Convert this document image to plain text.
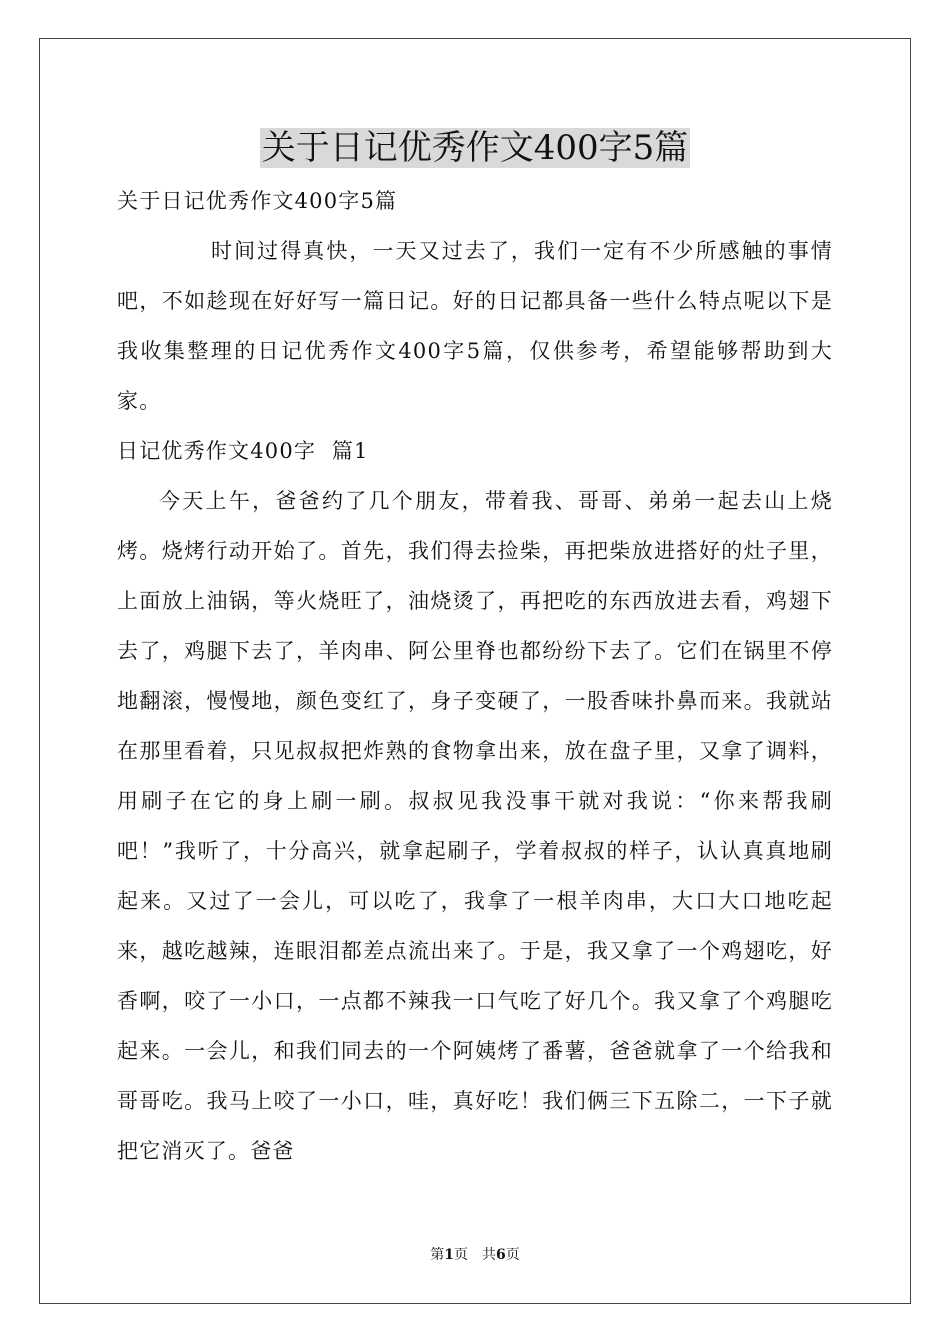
关于日记优秀作文400字5篇

关于日记优秀作文400字5篇

时间过得真快，一天又过去了，我们一定有不少所感触的事情吧，不如趁现在好好写一篇日记。好的日记都具备一些什么特点呢以下是我收集整理的日记优秀作文400字5篇，仅供参考，希望能够帮助到大家。

日记优秀作文400字  篇1

今天上午，爸爸约了几个朋友，带着我、哥哥、弟弟一起去山上烧烤。烧烤行动开始了。首先，我们得去捡柴，再把柴放进搭好的灶子里，上面放上油锅，等火烧旺了，油烧烫了，再把吃的东西放进去看，鸡翅下去了，鸡腿下去了，羊肉串、阿公里脊也都纷纷下去了。它们在锅里不停地翻滚，慢慢地，颜色变红了，身子变硬了，一股香味扑鼻而来。我就站在那里看着，只见叔叔把炸熟的食物拿出来，放在盘子里，又拿了调料，用刷子在它的身上刷一刷。叔叔见我没事干就对我说：“你来帮我刷吧！”我听了，十分高兴，就拿起刷子，学着叔叔的样子，认认真真地刷起来。又过了一会儿，可以吃了，我拿了一根羊肉串，大口大口地吃起来，越吃越辣，连眼泪都差点流出来了。于是，我又拿了一个鸡翅吃，好香啊，咬了一小口，一点都不辣我一口气吃了好几个。我又拿了个鸡腿吃起来。一会儿，和我们同去的一个阿姨烤了番薯，爸爸就拿了一个给我和哥哥吃。我马上咬了一小口，哇，真好吃！我们俩三下五除二，一下子就把它消灭了。爸爸

第1页 共6页
